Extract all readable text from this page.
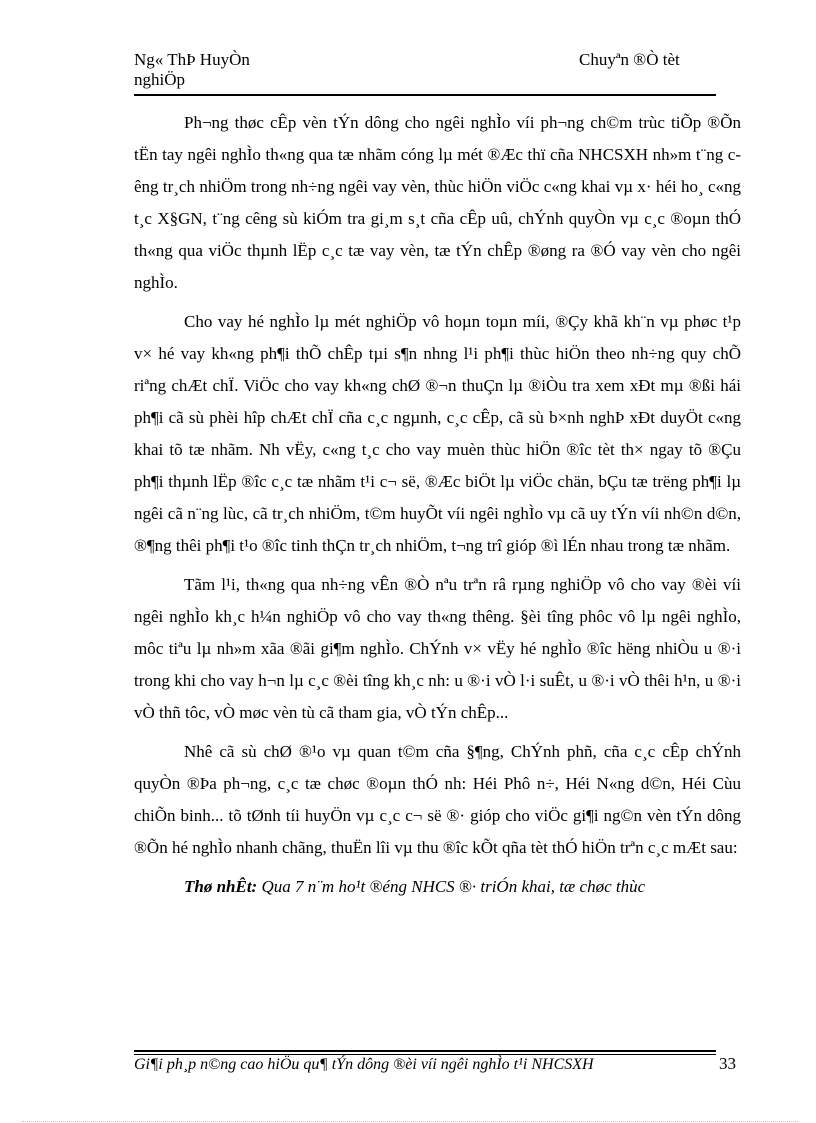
Ng« ThÞ HuyÒn
nghiÖp
Chuyªn ®Ò tèt

Ph¬ng thøc cÊp vèn tÝn dông cho ngêi nghÌo víi ph¬ng ch©m trùc tiÕp ®Õn tËn tay ngêi nghÌo th«ng qua tæ nhãm cóng lµ mét ®Æc thï cña NHCSXH nh»m t¨ng cêng tr¸ch nhiÖm trong nh÷ng ngêi vay vèn, thùc hiÖn viÖc c«ng khai vµ x· héi ho¸ c«ng t¸c X§GN, t¨ng cêng sù kiÓm tra gi¸m s¸t cña cÊp uû, chÝnh quyÒn vµ c¸c ®oµn thÓ th«ng qua viÖc thµnh lËp c¸c tæ vay vèn, tæ tÝn chÊp ®øng ra ®Ó vay vèn cho ngêi nghÌo.

Cho vay hé nghÌo lµ mét nghiÖp vô hoµn toµn míi, ®Çy khã kh¨n vµ phøc t¹p v× hé vay kh«ng ph¶i thÕ chÊp tµi s¶n nhng l¹i ph¶i thùc hiÖn theo nh÷ng quy chÕ riªng chÆt chÏ. ViÖc cho vay kh«ng chØ ®¬n thuÇn lµ ®iÒu tra xem xÐt mµ ®ßi hái ph¶i cã sù phèi hîp chÆt chÏ cña c¸c ngµnh, c¸c cÊp, cã sù b×nh nghÞ xÐt duyÖt c«ng khai tõ tæ nhãm. Nh vËy, c«ng t¸c cho vay muèn thùc hiÖn ®îc tèt th× ngay tõ ®Çu ph¶i thµnh lËp ®îc c¸c tæ nhãm t¹i c¬ së, ®Æc biÖt lµ viÖc chän, bÇu tæ trëng ph¶i lµ ngêi cã n¨ng lùc, cã tr¸ch nhiÖm, t©m huyÕt víi ngêi nghÌo vµ cã uy tÝn víi nh©n d©n, ®¶ng thêi ph¶i t¹o ®îc tinh thÇn tr¸ch nhiÖm, t¬ng trî gióp ®ì lÉn nhau trong tæ nhãm.

Tãm l¹i, th«ng qua nh÷ng vÊn ®Ò nªu trªn râ rµng nghiÖp vô cho vay ®èi víi ngêi nghÌo kh¸c h¼n nghiÖp vô cho vay th«ng thêng. §èi tîng phôc vô lµ ngêi nghÌo, môc tiªu lµ nh»m xãa ®ãi gi¶m nghÌo. ChÝnh v× vËy hé nghÌo ®îc hëng nhiÒu u ®·i trong khi cho vay h¬n lµ c¸c ®èi tîng kh¸c nh: u ®·i vÒ l·i suÊt, u ®·i vÒ thêi h¹n, u ®·i vÒ thñ tôc, vÒ møc vèn tù cã tham gia, vÒ tÝn chÊp...

Nhê cã sù chØ ®¹o vµ quan t©m cña §¶ng, ChÝnh phñ, cña c¸c cÊp chÝnh quyÒn ®Þa ph¬ng, c¸c tæ chøc ®oµn thÓ nh: Héi Phô n÷, Héi N«ng d©n, Héi Cùu chiÕn binh... tõ tØnh tíi huyÖn vµ c¸c c¬ së ®· gióp cho viÖc gi¶i ng©n vèn tÝn dông ®Õn hé nghÌo nhanh chãng, thuËn lîi vµ thu ®îc kÕt qña tèt thÓ hiÖn trªn c¸c mÆt sau:

Thø nhÊt: Qua 7 n¨m ho¹t ®éng NHCS ®· triÓn khai, tæ chøc thùc

Gi¶i ph¸p n©ng cao hiÖu qu¶ tÝn dông ®èi víi ngêi nghÌo t¹i NHCSXH	33
